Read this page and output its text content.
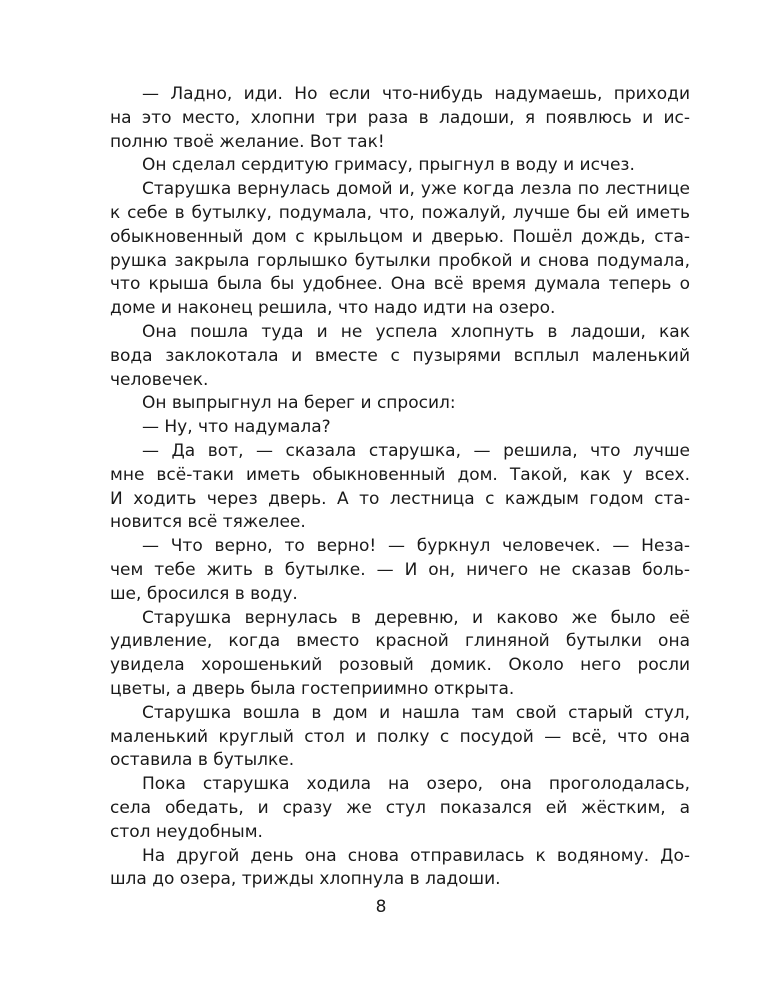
— Ладно, иди. Но если что-нибудь надумаешь, приходи
на это место, хлопни три раза в ладоши, я появлюсь и ис-
полню твоё желание. Вот так!
Он сделал сердитую гримасу, прыгнул в воду и исчез.
Старушка вернулась домой и, уже когда лезла по лестнице
к себе в бутылку, подумала, что, пожалуй, лучше бы ей иметь
обыкновенный дом с крыльцом и дверью. Пошёл дождь, ста-
рушка закрыла горлышко бутылки пробкой и снова подумала,
что крыша была бы удобнее. Она всё время думала теперь о
доме и наконец решила, что надо идти на озеро.
Она пошла туда и не успела хлопнуть в ладоши, как
вода заклокотала и вместе с пузырями всплыл маленький
человечек.
Он выпрыгнул на берег и спросил:
— Ну, что надумала?
— Да вот, — сказала старушка, — решила, что лучше
мне всё-таки иметь обыкновенный дом. Такой, как у всех.
И ходить через дверь. А то лестница с каждым годом ста-
новится всё тяжелее.
— Что верно, то верно! — буркнул человечек. — Неза-
чем тебе жить в бутылке. — И он, ничего не сказав боль-
ше, бросился в воду.
Старушка вернулась в деревню, и каково же было её
удивление, когда вместо красной глиняной бутылки она
увидела хорошенький розовый домик. Около него росли
цветы, а дверь была гостеприимно открыта.
Старушка вошла в дом и нашла там свой старый стул,
маленький круглый стол и полку с посудой — всё, что она
оставила в бутылке.
Пока старушка ходила на озеро, она проголодалась,
села обедать, и сразу же стул показался ей жёстким, а
стол неудобным.
На другой день она снова отправилась к водяному. До-
шла до озера, трижды хлопнула в ладоши.
8
